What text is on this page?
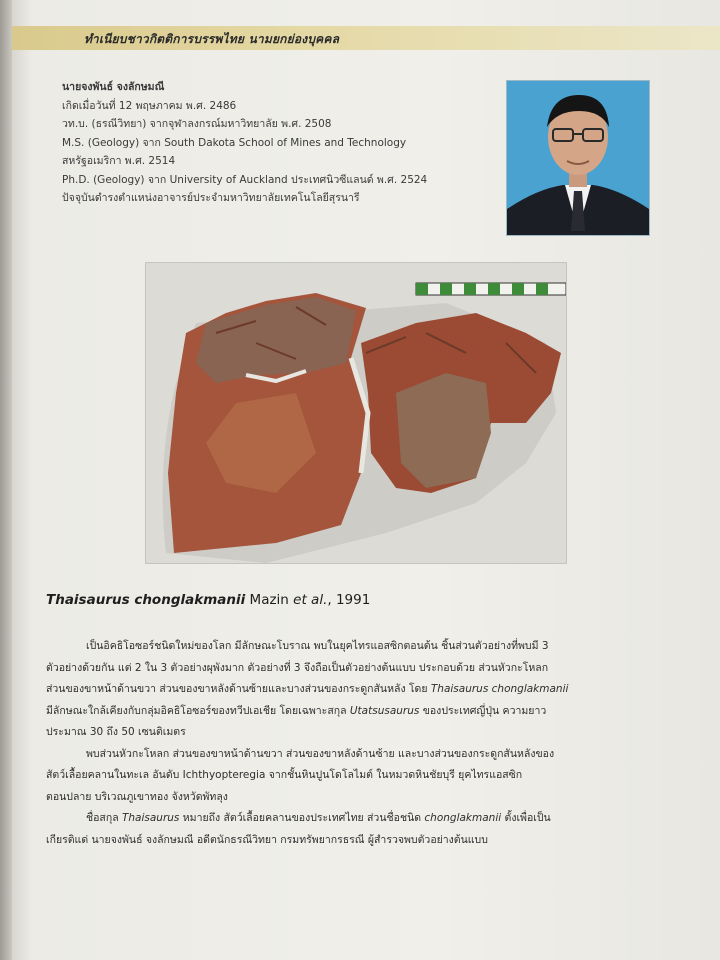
ทำเนียบชาวกิตติการบรรพไทย นามยกย่องบุคคล
นายจงพันธ์ จงลักษมณี
เกิดเมื่อวันที่ 12 พฤษภาคม พ.ศ. 2486
วท.บ. (ธรณีวิทยา) จากจุฬาลงกรณ์มหาวิทยาลัย พ.ศ. 2508
M.S. (Geology) จาก South Dakota School of Mines and Technology
สหรัฐอเมริกา พ.ศ. 2514
Ph.D. (Geology) จาก University of Auckland ประเทศนิวซีแลนด์ พ.ศ. 2524
ปัจจุบันดำรงตำแหน่งอาจารย์ประจำมหาวิทยาลัยเทคโนโลยีสุรนารี
Thaisaurus chonglakmanii Mazin et al., 1991

เป็นอิคธิโอซอร์ชนิดใหม่ของโลก มีลักษณะโบราณ พบในยุคไทรแอสซิกตอนต้น ชิ้นส่วนตัวอย่างที่พบมี 3

ตัวอย่างด้วยกัน แต่ 2 ใน 3 ตัวอย่างผุพังมาก ตัวอย่างที่ 3 จึงถือเป็นตัวอย่างต้นแบบ ประกอบด้วย ส่วนหัวกะโหลก

ส่วนของขาหน้าด้านขวา ส่วนของขาหลังด้านซ้ายและบางส่วนของกระดูกสันหลัง โดย Thaisaurus chonglakmanii

มีลักษณะใกล้เคียงกับกลุ่มอิคธิโอซอร์ของทวีปเอเชีย โดยเฉพาะสกุล Utatsusaurus ของประเทศญี่ปุ่น ความยาว

ประมาณ 30 ถึง 50 เซนติเมตร

พบส่วนหัวกะโหลก ส่วนของขาหน้าด้านขวา ส่วนของขาหลังด้านซ้าย และบางส่วนของกระดูกสันหลังของ

สัตว์เลื้อยคลานในทะเล อันดับ Ichthyopteregia จากชั้นหินปูนโดโลไมต์ ในหมวดหินชัยบุรี ยุคไทรแอสซิก

ตอนปลาย บริเวณภูเขาทอง จังหวัดพัทลุง

ชื่อสกุล Thaisaurus หมายถึง สัตว์เลื้อยคลานของประเทศไทย ส่วนชื่อชนิด chonglakmanii ตั้งเพื่อเป็น

เกียรติแด่ นายจงพันธ์ จงลักษมณี อดีตนักธรณีวิทยา กรมทรัพยากรธรณี ผู้สำรวจพบตัวอย่างต้นแบบ
